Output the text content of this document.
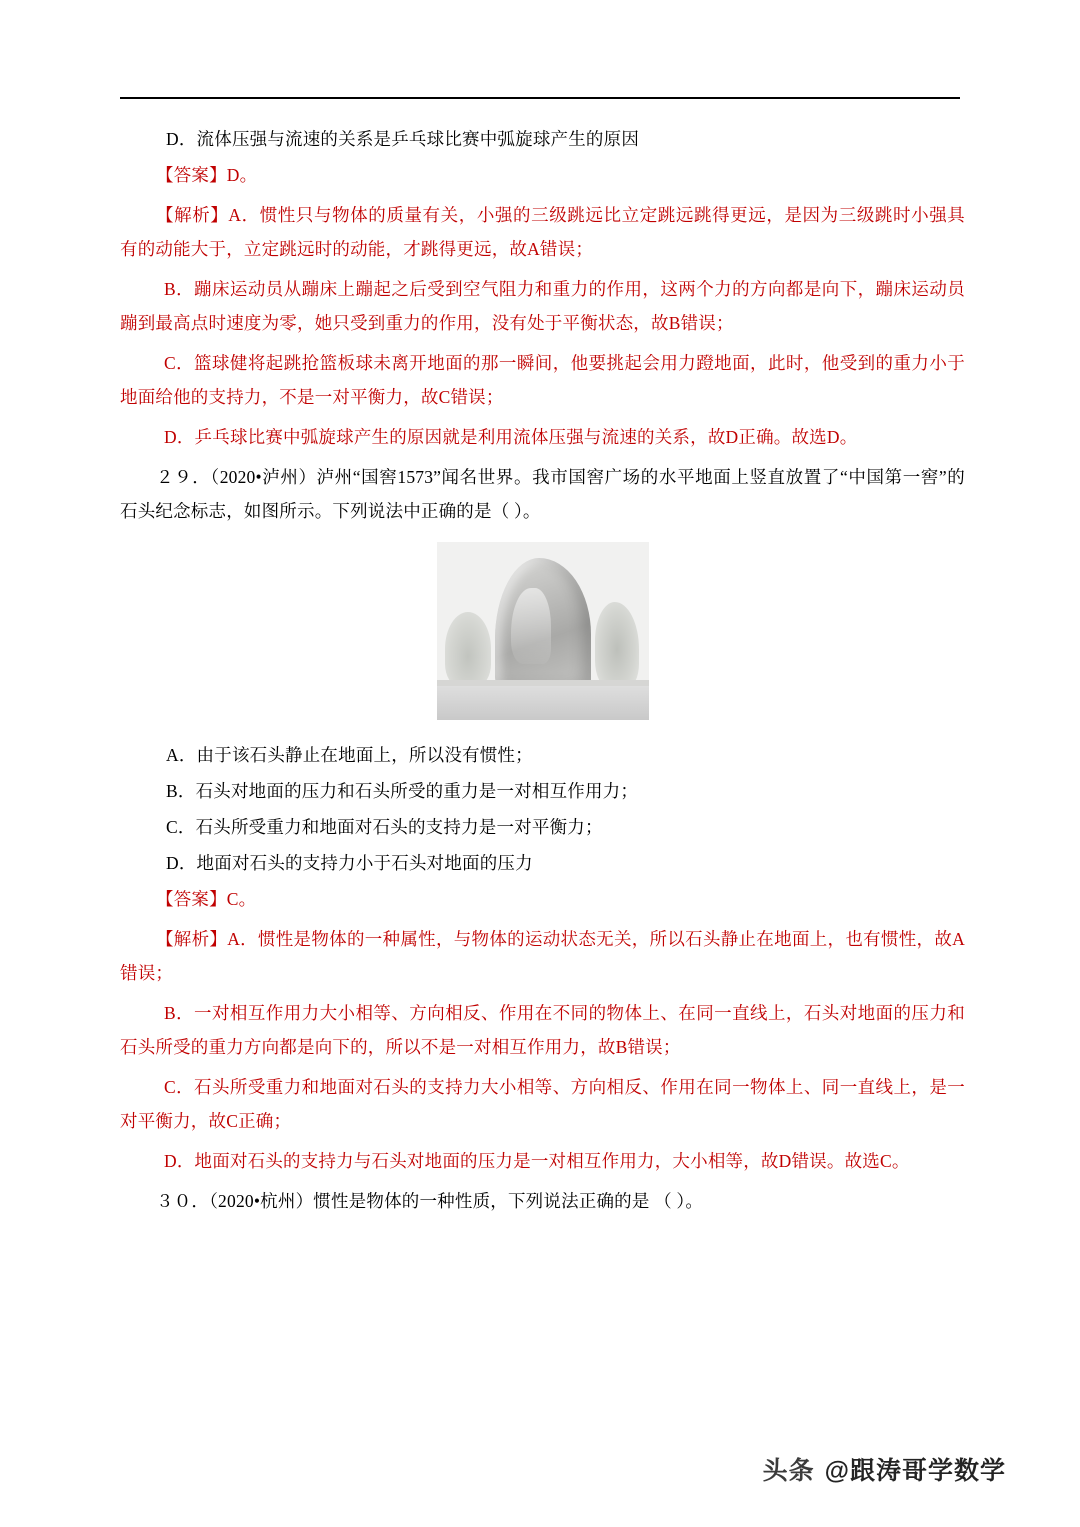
D．流体压强与流速的关系是乒乓球比赛中弧旋球产生的原因

【答案】D。

【解析】A．惯性只与物体的质量有关，小强的三级跳远比立定跳远跳得更远，是因为三级跳时小强具有的动能大于，立定跳远时的动能，才跳得更远，故A错误；

B．蹦床运动员从蹦床上蹦起之后受到空气阻力和重力的作用，这两个力的方向都是向下，蹦床运动员蹦到最高点时速度为零，她只受到重力的作用，没有处于平衡状态，故B错误；

C．篮球健将起跳抢篮板球未离开地面的那一瞬间，他要挑起会用力蹬地面，此时，他受到的重力小于地面给他的支持力，不是一对平衡力，故C错误；

D．乒乓球比赛中弧旋球产生的原因就是利用流体压强与流速的关系，故D正确。故选D。

２９．（2020•泸州）泸州“国窖1573”闻名世界。我市国窖广场的水平地面上竖直放置了“中国第一窖”的石头纪念标志，如图所示。下列说法中正确的是（ ）。

A．由于该石头静止在地面上，所以没有惯性；

B．石头对地面的压力和石头所受的重力是一对相互作用力；

C．石头所受重力和地面对石头的支持力是一对平衡力；

D．地面对石头的支持力小于石头对地面的压力

【答案】C。

【解析】A．惯性是物体的一种属性，与物体的运动状态无关，所以石头静止在地面上，也有惯性，故A错误；

B．一对相互作用力大小相等、方向相反、作用在不同的物体上、在同一直线上，石头对地面的压力和石头所受的重力方向都是向下的，所以不是一对相互作用力，故B错误；

C．石头所受重力和地面对石头的支持力大小相等、方向相反、作用在同一物体上、同一直线上，是一对平衡力，故C正确；

D．地面对石头的支持力与石头对地面的压力是一对相互作用力，大小相等，故D错误。故选C。

３０．（2020•杭州）惯性是物体的一种性质，下列说法正确的是 （ ）。

头条 @跟涛哥学数学
